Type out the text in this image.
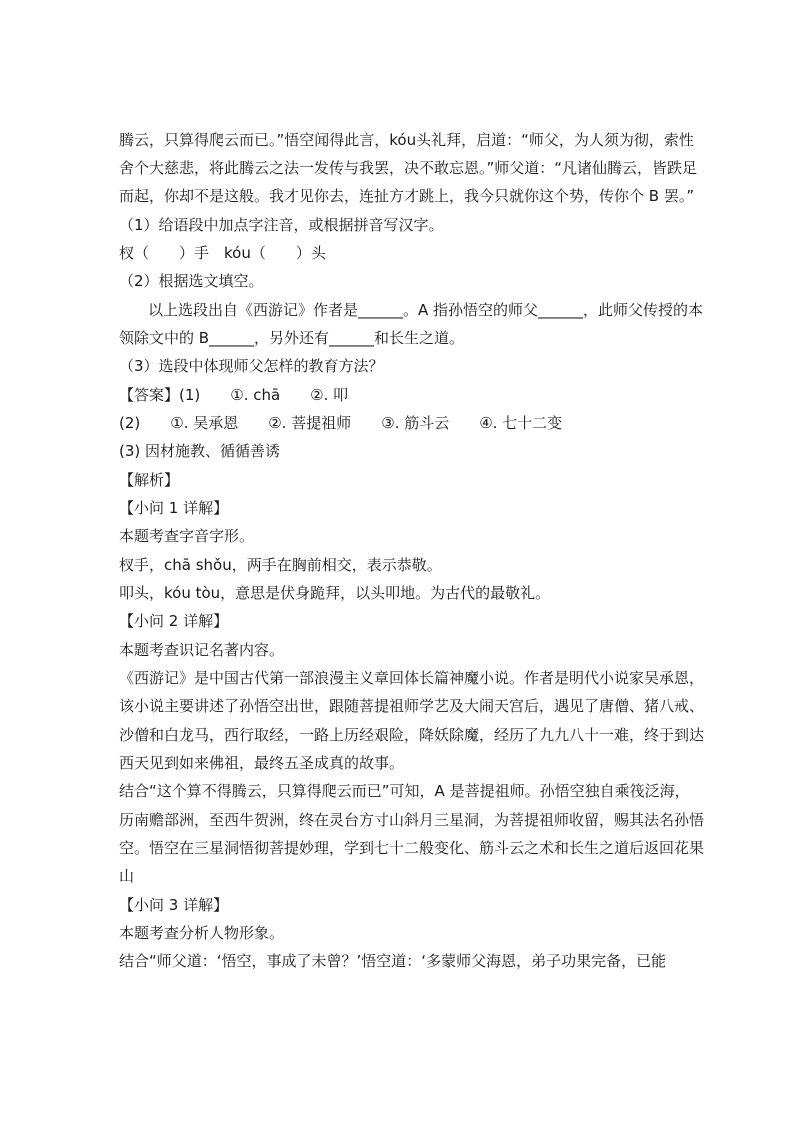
腾云，只算得爬云而已。”悟空闻得此言，kóu头礼拜，启道：“师父，为人须为彻，索性
舍个大慈悲，将此腾云之法一发传与我罢，决不敢忘恩。”师父道：“凡诸仙腾云，皆跌足
而起，你却不是这般。我才见你去，连扯方才跳上，我今只就你这个势，传你个 B 罢。”
（1）给语段中加点字注音，或根据拼音写汉字。
杈（　　）手　kóu（　　）头
（2）根据选文填空。
以上选段出自《西游记》作者是______。A 指孙悟空的师父______，此师父传授的本
领除文中的 B______，另外还有______和长生之道。
（3）选段中体现师父怎样的教育方法？
【答案】(1)　　①. chā　　②. 叩
(2)　　①. 吴承恩　　②. 菩提祖师　　③. 筋斗云　　④. 七十二变
(3) 因材施教、循循善诱
【解析】
【小问 1 详解】
本题考查字音字形。
杈手，chā shǒu，两手在胸前相交，表示恭敬。
叩头，kóu tòu，意思是伏身跪拜，以头叩地。为古代的最敬礼。
【小问 2 详解】
本题考查识记名著内容。
《西游记》是中国古代第一部浪漫主义章回体长篇神魔小说。作者是明代小说家吴承恩，
该小说主要讲述了孙悟空出世，跟随菩提祖师学艺及大闹天宫后，遇见了唐僧、猪八戒、
沙僧和白龙马，西行取经，一路上历经艰险，降妖除魔，经历了九九八十一难，终于到达
西天见到如来佛祖，最终五圣成真的故事。
结合“这个算不得腾云，只算得爬云而已”可知，A 是菩提祖师。孙悟空独自乘筏泛海，
历南赡部洲，至西牛贺洲，终在灵台方寸山斜月三星洞，为菩提祖师收留，赐其法名孙悟
空。悟空在三星洞悟彻菩提妙理，学到七十二般变化、筋斗云之术和长生之道后返回花果
山
【小问 3 详解】
本题考查分析人物形象。
结合“师父道：‘悟空，事成了未曾？’悟空道：‘多蒙师父海恩，弟子功果完备，已能
